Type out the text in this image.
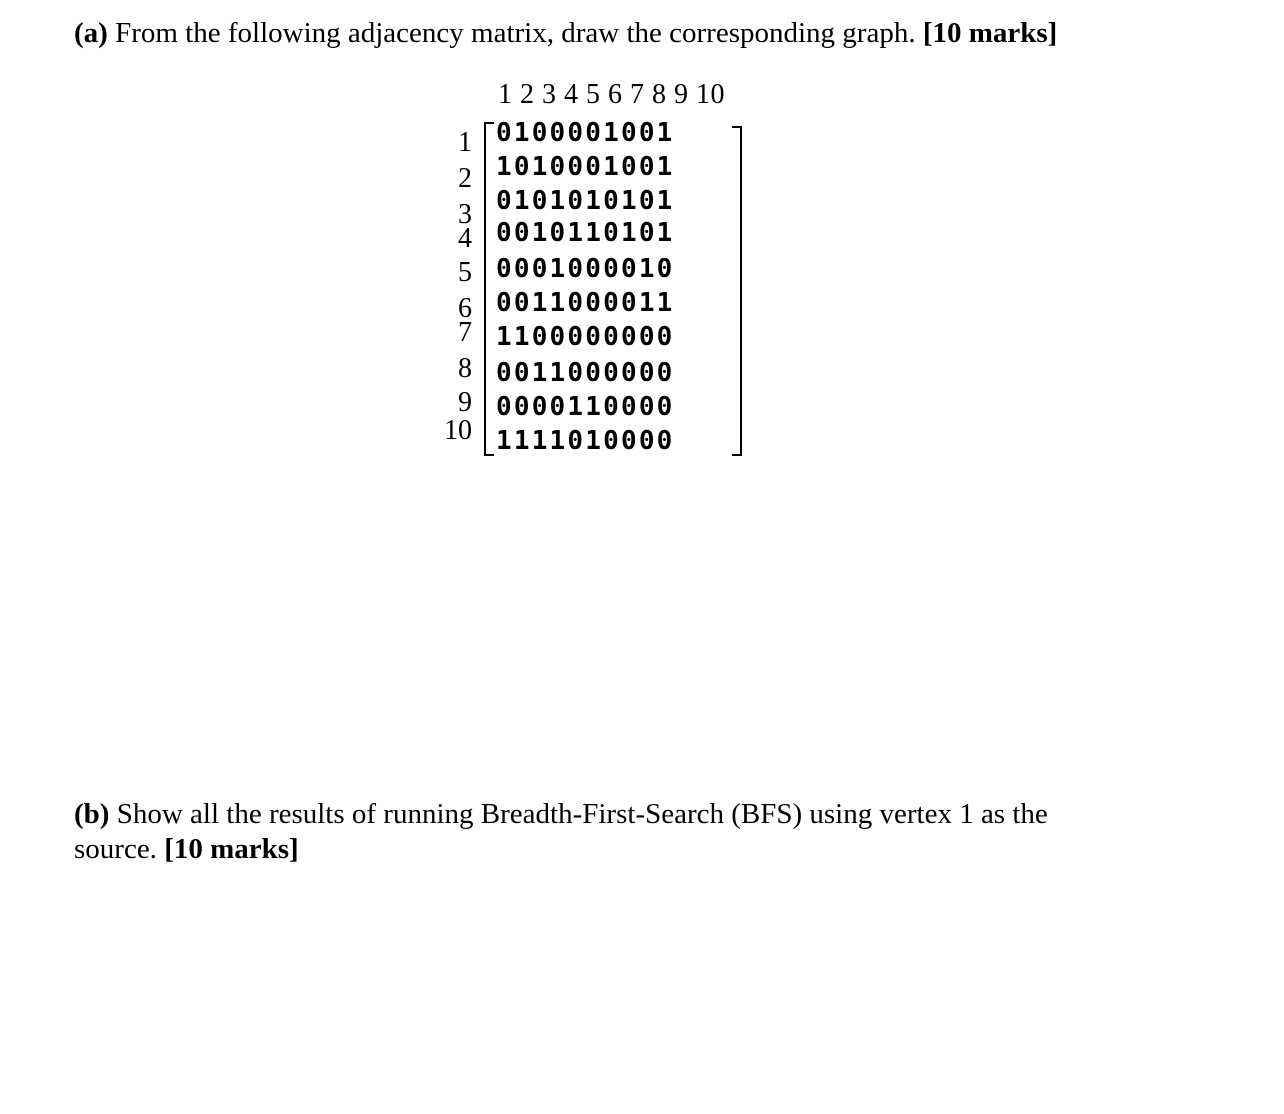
(a) From the following adjacency matrix, draw the corresponding graph. [10 marks]

1 2 3 4 5 6 7 8 9 10
1
2
3
4
5
6
7
8
9
10
0100001001
1010001001
0101010101
0010110101
0001000010
0011000011
1100000000
0011000000
0000110000
1111010000

(b) Show all the results of running Breadth-First-Search (BFS) using vertex 1 as the source. [10 marks]
